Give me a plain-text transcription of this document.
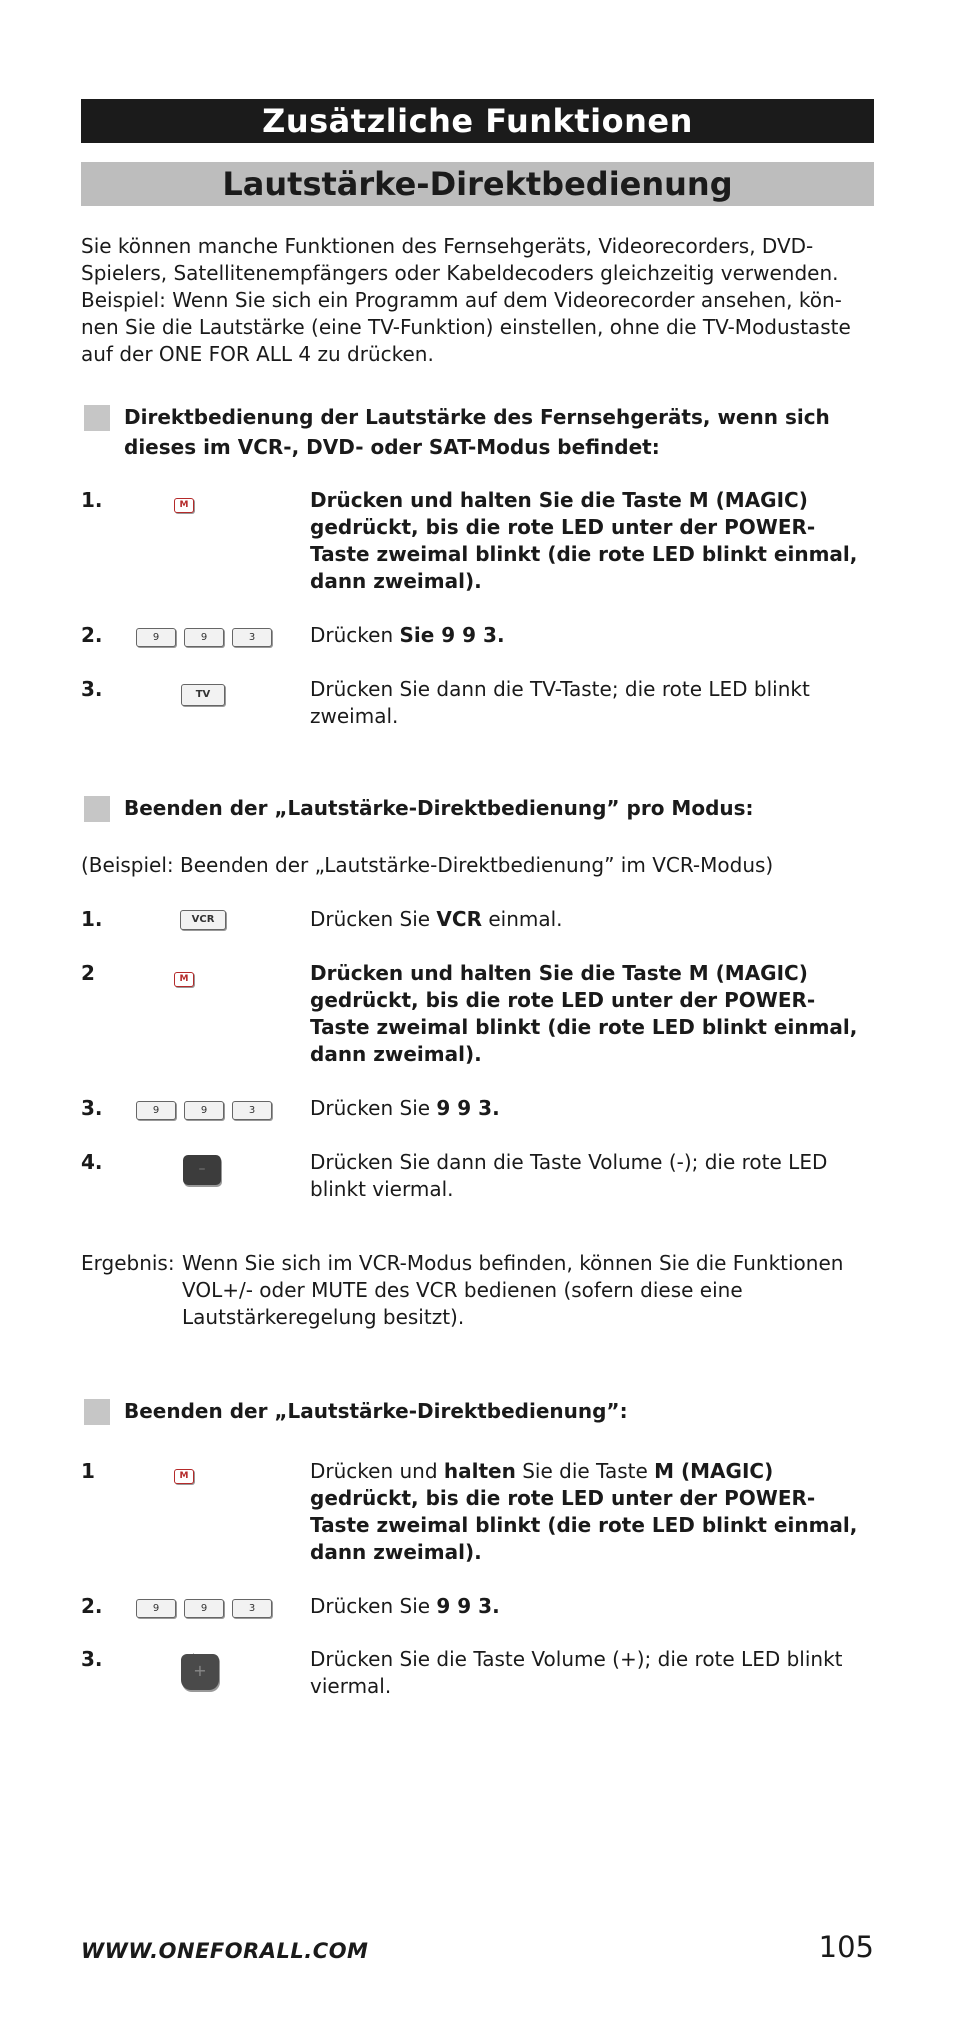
Zusätzliche Funktionen
Lautstärke-Direktbedienung
Sie können manche Funktionen des Fernsehgeräts, Videorecorders, DVD-Spielers, Satellitenempfängers oder Kabeldecoders gleichzeitig verwenden. Beispiel: Wenn Sie sich ein Programm auf dem Videorecorder ansehen, kön-nen Sie die Lautstärke (eine TV-Funktion) einstellen, ohne die TV-Modustaste auf der ONE FOR ALL 4 zu drücken.
Direktbedienung der Lautstärke des Fernsehgeräts, wenn sich dieses im VCR-, DVD- oder SAT-Modus befindet:
1.	M	Drücken und halten Sie die Taste M (MAGIC) gedrückt, bis die rote LED unter der POWER-Taste zweimal blinkt (die rote LED blinkt einmal, dann zweimal).
2.	9	9	3	Drücken Sie 9 9 3.
3.	TV	Drücken Sie dann die TV-Taste; die rote LED blinkt zweimal.
Beenden der „Lautstärke-Direktbedienung” pro Modus:
(Beispiel: Beenden der „Lautstärke-Direktbedienung” im VCR-Modus)
1.	VCR	Drücken Sie VCR einmal.
2	M	Drücken und halten Sie die Taste M (MAGIC) gedrückt, bis die rote LED unter der POWER-Taste zweimal blinkt (die rote LED blinkt einmal, dann zweimal).
3.	9	9	3	Drücken Sie 9 9 3.
4.	–	Drücken Sie dann die Taste Volume (-); die rote LED blinkt viermal.
Ergebnis: Wenn Sie sich im VCR-Modus befinden, können Sie die Funktionen VOL+/- oder MUTE des VCR bedienen (sofern diese eine Lautstärkeregelung besitzt).
Beenden der „Lautstärke-Direktbedienung”:
1	M	Drücken und halten Sie die Taste M (MAGIC) gedrückt, bis die rote LED unter der POWER-Taste zweimal blinkt (die rote LED blinkt einmal, dann zweimal).
2.	9	9	3	Drücken Sie 9 9 3.
3.	+	Drücken Sie die Taste Volume (+); die rote LED blinkt viermal.
WWW.ONEFORALL.COM	105
